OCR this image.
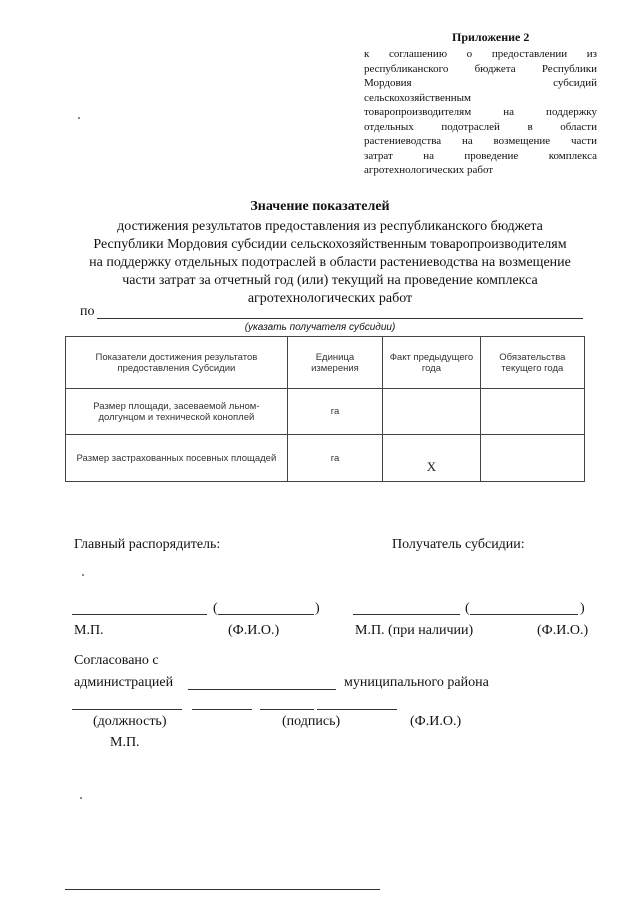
Приложение 2
к соглашению о предоставлении из
республиканского бюджета Республики
Мордовия субсидий
сельскохозяйственным
товаропроизводителям на поддержку
отдельных подотраслей в области
растениеводства на возмещение части
затрат на проведение комплекса
агротехнологических работ
Значение показателей
достижения результатов предоставления из республиканского бюджета
Республики Мордовия субсидии сельскохозяйственным товаропроизводителям
на поддержку отдельных подотраслей в области растениеводства на возмещение
части затрат за отчетный год (или) текущий на проведение комплекса
агротехнологических работ
по
(указать получателя субсидии)
Показатели достижения результатов предоставления Субсидии	Единица измерения	Факт предыдущего года	Обязательства текущего года
Размер площади, засеваемой льном-долгунцом и технической коноплей	га		
Размер застрахованных посевных площадей	га	X	
Главный распорядитель:	Получатель субсидии:
(	)	(	)
М.П.	(Ф.И.О.)	М.П. (при наличии)	(Ф.И.О.)
Согласовано с
администрацией	муниципального района
(должность)	(подпись)	(Ф.И.О.)
М.П.
